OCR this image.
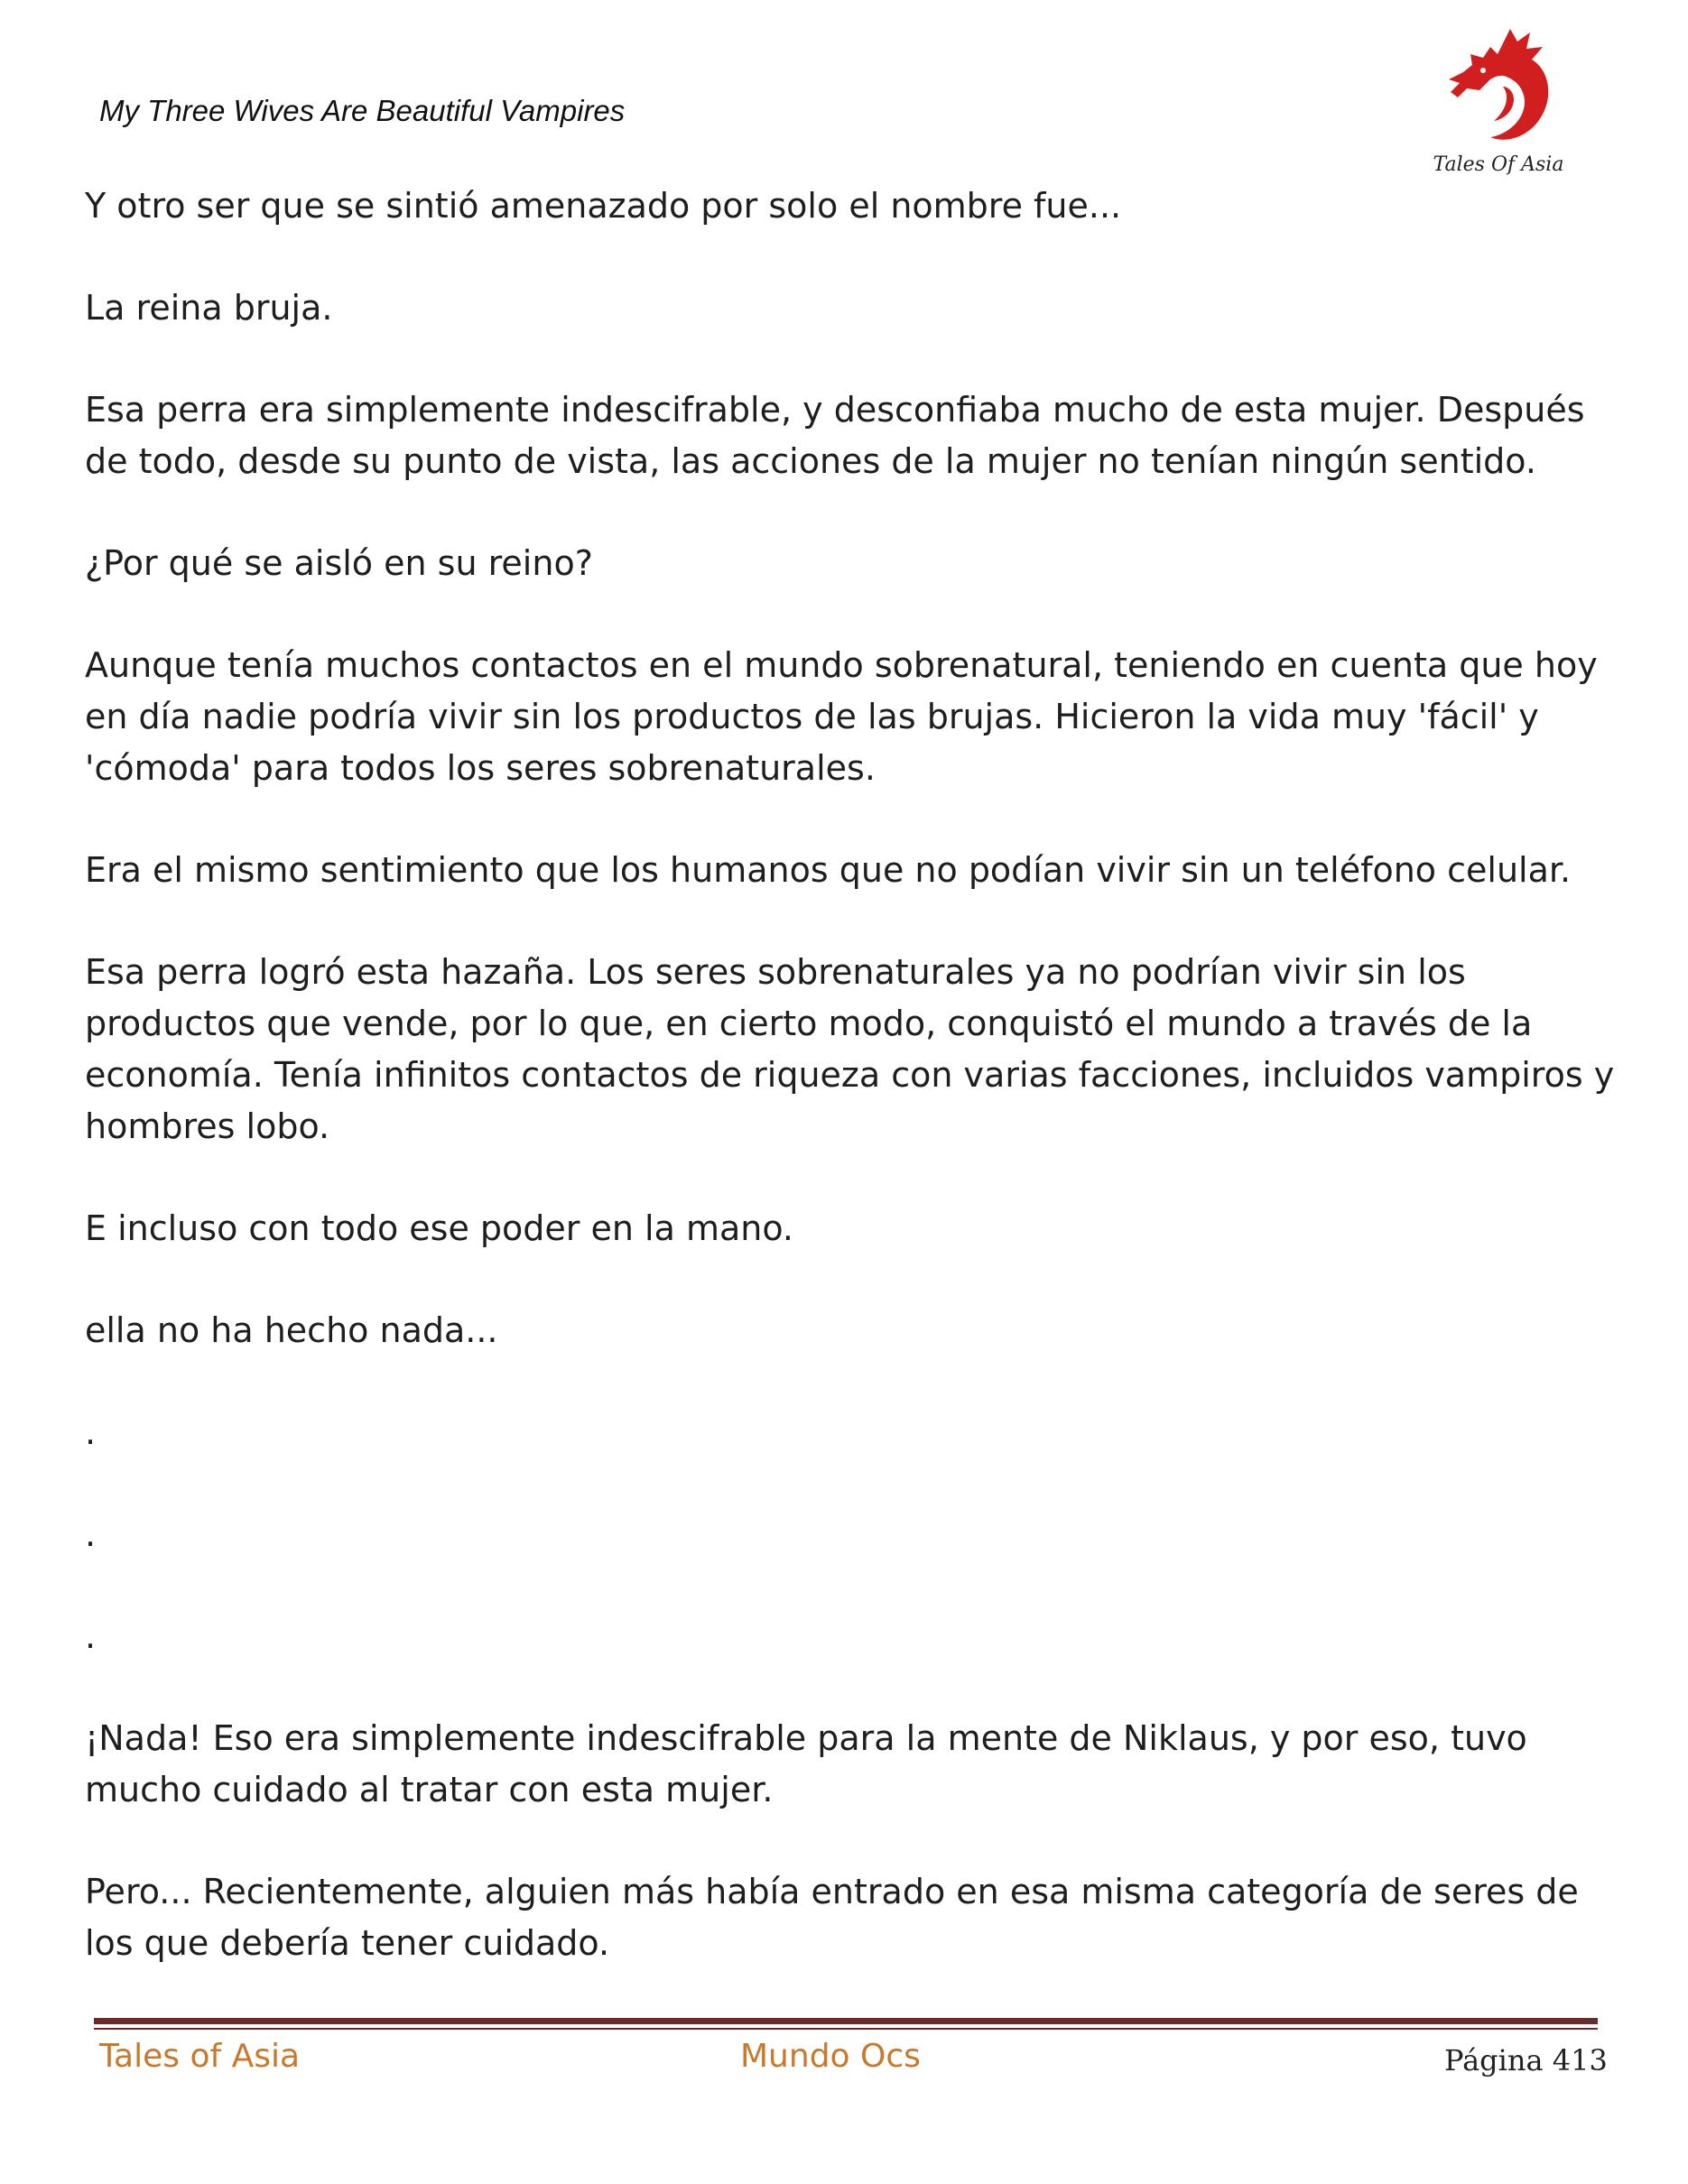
My Three Wives Are Beautiful Vampires
Tales Of Asia

Y otro ser que se sintió amenazado por solo el nombre fue...

La reina bruja.

Esa perra era simplemente indescifrable, y desconfiaba mucho de esta mujer. Después de todo, desde su punto de vista, las acciones de la mujer no tenían ningún sentido.

¿Por qué se aisló en su reino?

Aunque tenía muchos contactos en el mundo sobrenatural, teniendo en cuenta que hoy en día nadie podría vivir sin los productos de las brujas. Hicieron la vida muy 'fácil' y 'cómoda' para todos los seres sobrenaturales.

Era el mismo sentimiento que los humanos que no podían vivir sin un teléfono celular.

Esa perra logró esta hazaña. Los seres sobrenaturales ya no podrían vivir sin los productos que vende, por lo que, en cierto modo, conquistó el mundo a través de la economía. Tenía infinitos contactos de riqueza con varias facciones, incluidos vampiros y hombres lobo.

E incluso con todo ese poder en la mano.

ella no ha hecho nada...

.

.

.

¡Nada! Eso era simplemente indescifrable para la mente de Niklaus, y por eso, tuvo mucho cuidado al tratar con esta mujer.

Pero... Recientemente, alguien más había entrado en esa misma categoría de seres de los que debería tener cuidado.

Tales of Asia	Mundo Ocs	Página 413
